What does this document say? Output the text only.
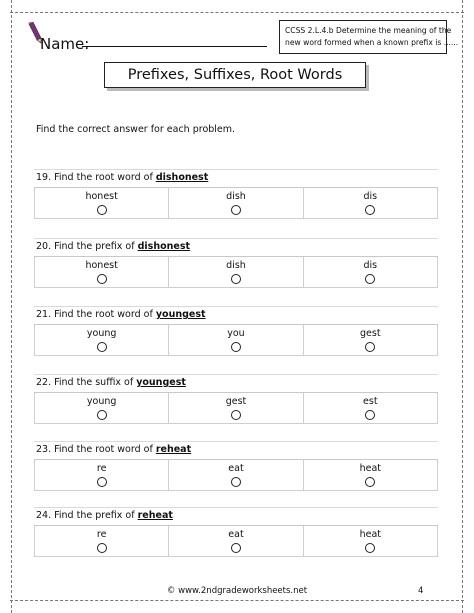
Name:
CCSS 2.L.4.b Determine the meaning of the
new word formed when a known prefix is ......
Prefixes, Suffixes, Root Words
Find the correct answer for each problem.
19. Find the root word of dishonest
honest	dish	dis
20. Find the prefix of dishonest
honest	dish	dis
21. Find the root word of youngest
young	you	gest
22. Find the suffix of youngest
young	gest	est
23. Find the root word of reheat
re	eat	heat
24. Find the prefix of reheat
re	eat	heat
© www.2ndgradeworksheets.net	4
